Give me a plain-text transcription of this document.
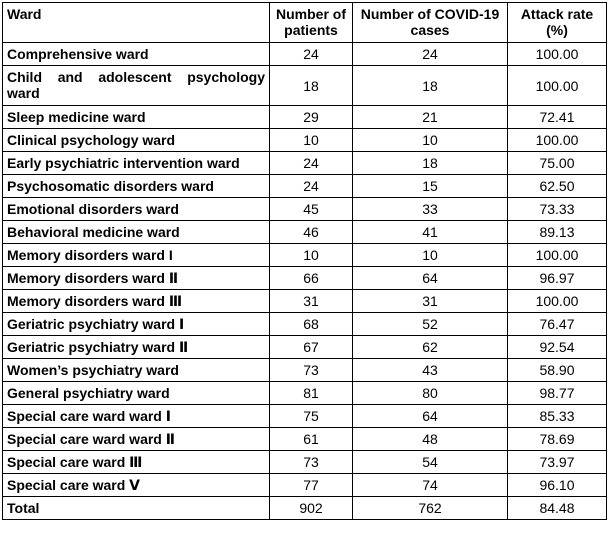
Ward	Number of patients	Number of COVID-19 cases	Attack rate (%)
Comprehensive ward	24	24	100.00
Child and adolescent psychology ward	18	18	100.00
Sleep medicine ward	29	21	72.41
Clinical psychology ward	10	10	100.00
Early psychiatric intervention ward	24	18	75.00
Psychosomatic disorders ward	24	15	62.50
Emotional disorders ward	45	33	73.33
Behavioral medicine ward	46	41	89.13
Memory disorders ward I	10	10	100.00
Memory disorders ward Ⅱ	66	64	96.97
Memory disorders ward Ⅲ	31	31	100.00
Geriatric psychiatry ward Ⅰ	68	52	76.47
Geriatric psychiatry ward Ⅱ	67	62	92.54
Women’s psychiatry ward	73	43	58.90
General psychiatry ward	81	80	98.77
Special care ward ward Ⅰ	75	64	85.33
Special care ward ward Ⅱ	61	48	78.69
Special care ward Ⅲ	73	54	73.97
Special care ward Ⅴ	77	74	96.10
Total	902	762	84.48
